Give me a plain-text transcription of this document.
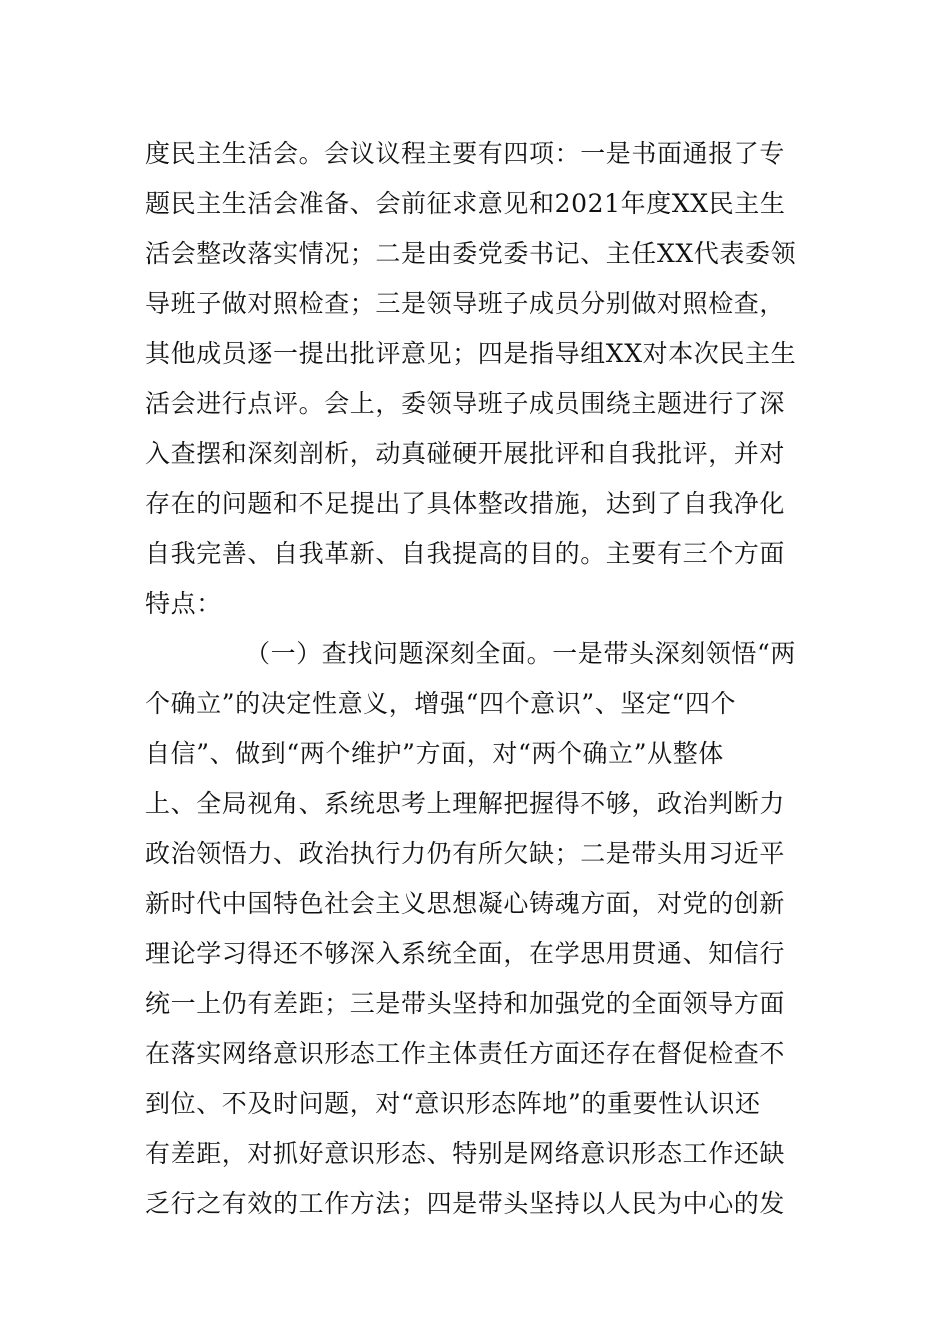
度民主生活会。会议议程主要有四项：一是书面通报了专
题民主生活会准备、会前征求意见和2021年度XX民主生
活会整改落实情况；二是由委党委书记、主任XX代表委领
导班子做对照检查；三是领导班子成员分别做对照检查，
其他成员逐一提出批评意见；四是指导组XX对本次民主生
活会进行点评。会上，委领导班子成员围绕主题进行了深
入查摆和深刻剖析，动真碰硬开展批评和自我批评，并对
存在的问题和不足提出了具体整改措施，达到了自我净化
自我完善、自我革新、自我提高的目的。主要有三个方面
特点：
（一）查找问题深刻全面。一是带头深刻领悟“两
个确立”的决定性意义，增强“四个意识”、坚定“四个
自信”、做到“两个维护”方面，对“两个确立”从整体
上、全局视角、系统思考上理解把握得不够，政治判断力
政治领悟力、政治执行力仍有所欠缺；二是带头用习近平
新时代中国特色社会主义思想凝心铸魂方面，对党的创新
理论学习得还不够深入系统全面，在学思用贯通、知信行
统一上仍有差距；三是带头坚持和加强党的全面领导方面
在落实网络意识形态工作主体责任方面还存在督促检查不
到位、不及时问题，对“意识形态阵地”的重要性认识还
有差距，对抓好意识形态、特别是网络意识形态工作还缺
乏行之有效的工作方法；四是带头坚持以人民为中心的发
